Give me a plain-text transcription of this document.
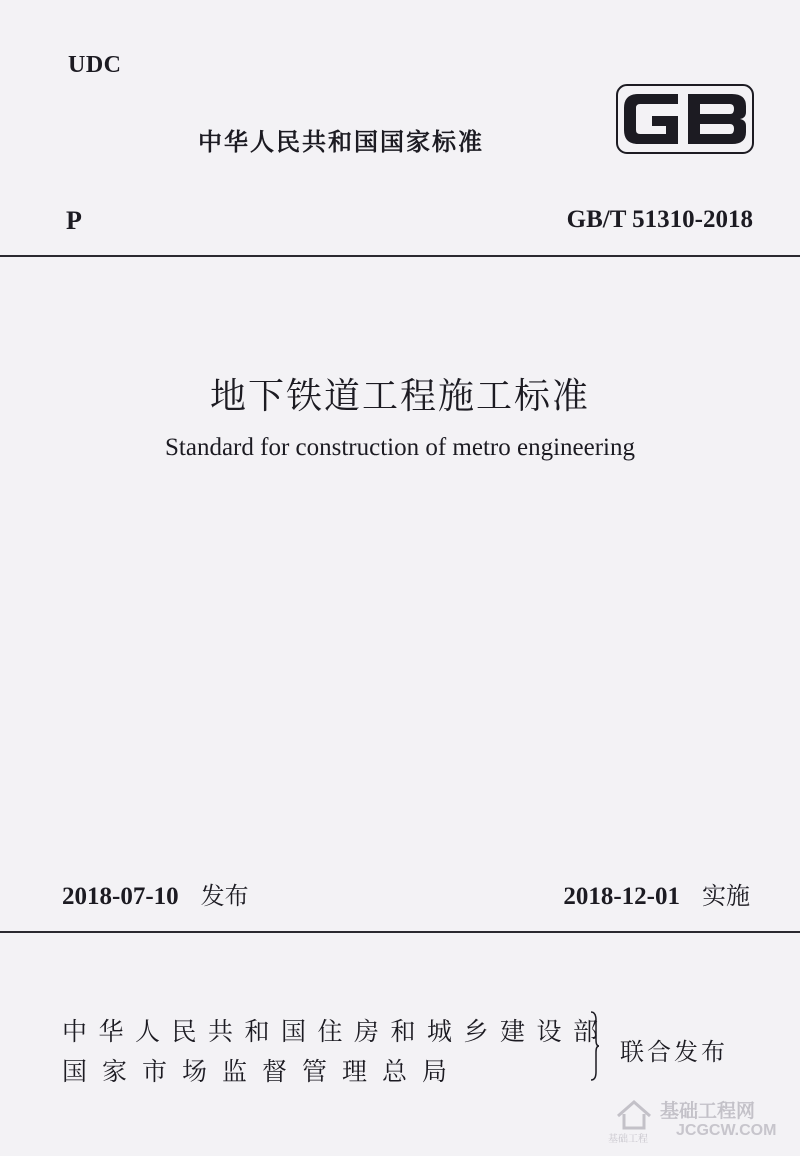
UDC
中华人民共和国国家标准
P	GB/T 51310-2018
地下铁道工程施工标准
Standard for construction of metro engineering
2018-07-10 发布	2018-12-01 实施
中华人民共和国住房和城乡建设部
国家市场监督管理总局
联合发布
基础工程网
JCGCW.COM
基础工程
